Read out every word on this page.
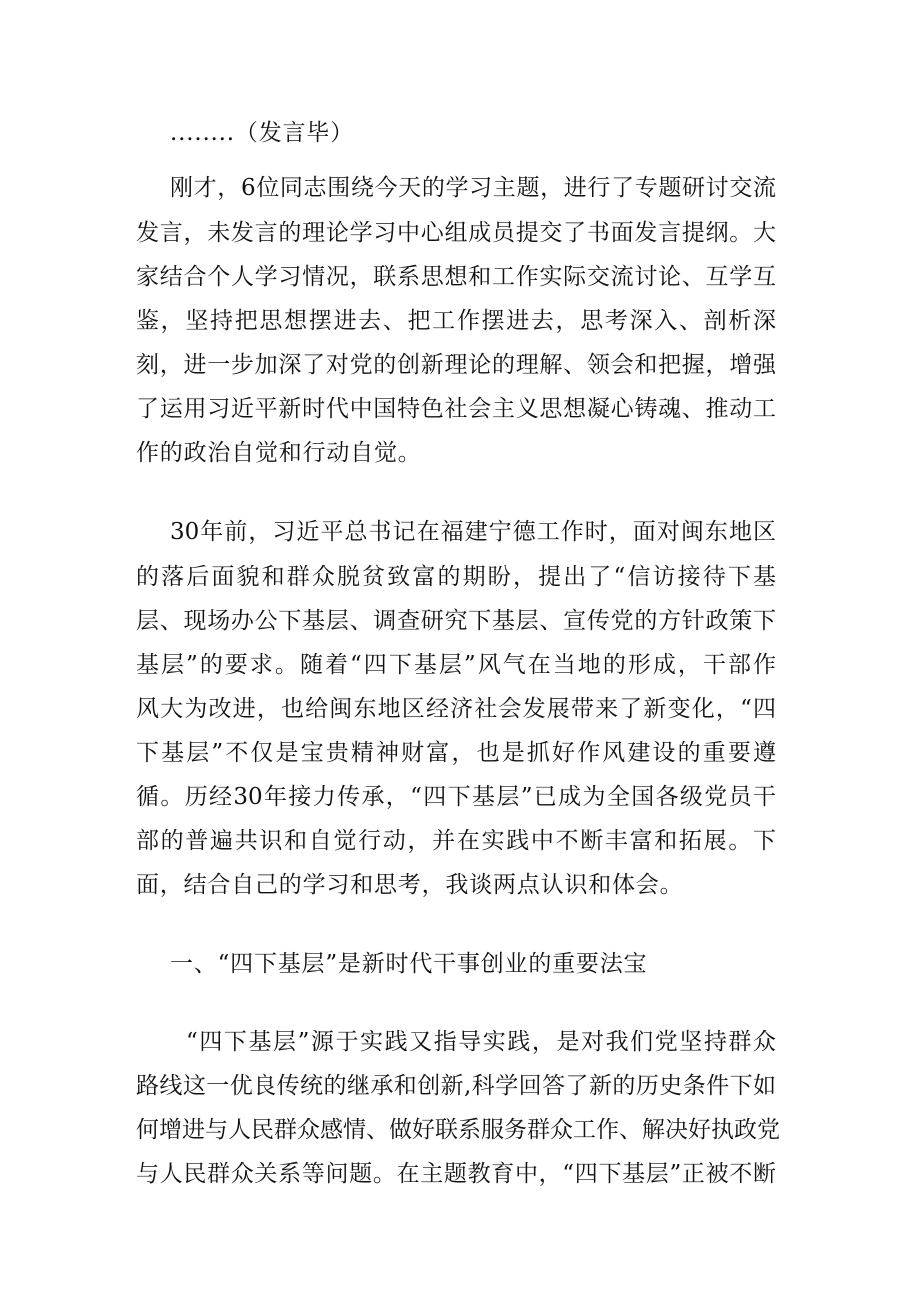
........（发言毕）

刚才，6位同志围绕今天的学习主题，进行了专题研讨交流

发言，未发言的理论学习中心组成员提交了书面发言提纲。大

家结合个人学习情况，联系思想和工作实际交流讨论、互学互

鉴，坚持把思想摆进去、把工作摆进去，思考深入、剖析深

刻，进一步加深了对党的创新理论的理解、领会和把握，增强

了运用习近平新时代中国特色社会主义思想凝心铸魂、推动工

作的政治自觉和行动自觉。

30年前，习近平总书记在福建宁德工作时，面对闽东地区

的落后面貌和群众脱贫致富的期盼，提出了“信访接待下基

层、现场办公下基层、调查研究下基层、宣传党的方针政策下

基层”的要求。随着“四下基层”风气在当地的形成，干部作

风大为改进，也给闽东地区经济社会发展带来了新变化，“四

下基层”不仅是宝贵精神财富，也是抓好作风建设的重要遵

循。历经30年接力传承，“四下基层”已成为全国各级党员干

部的普遍共识和自觉行动，并在实践中不断丰富和拓展。下

面，结合自己的学习和思考，我谈两点认识和体会。

一、“四下基层”是新时代干事创业的重要法宝

“四下基层”源于实践又指导实践，是对我们党坚持群众

路线这一优良传统的继承和创新,科学回答了新的历史条件下如

何增进与人民群众感情、做好联系服务群众工作、解决好执政党

与人民群众关系等问题。在主题教育中，“四下基层”正被不断
